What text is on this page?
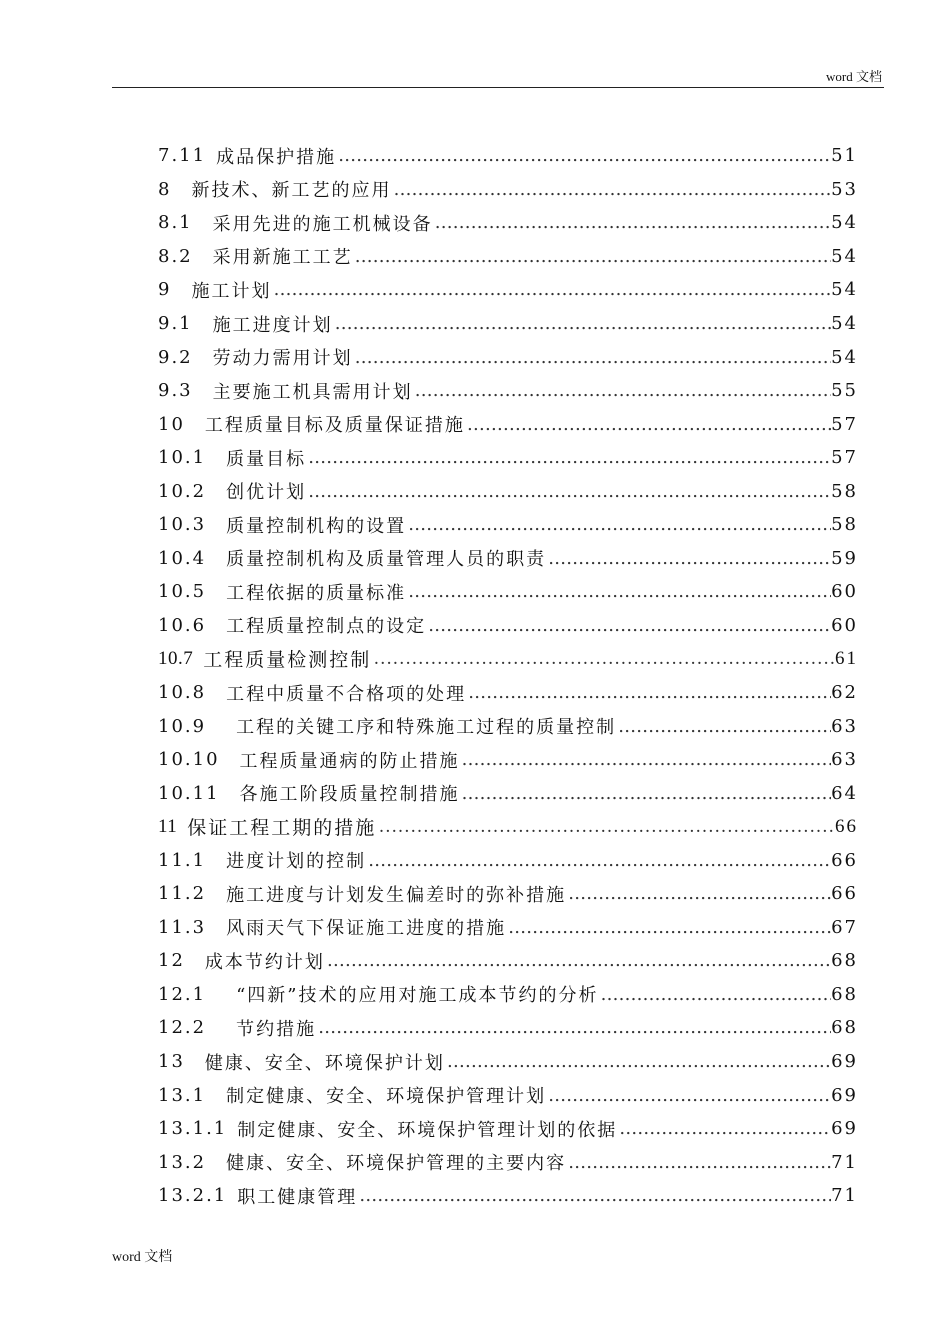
word 文档
7.11 成品保护措施 …………………………………………………………………………………………………………………………………………………………………………………………	51
8 新技术、新工艺的应用 …………………………………………………………………………………………………………………………………………………………………………………………	53
8.1 采用先进的施工机械设备 …………………………………………………………………………………………………………………………………………………………………………………………	54
8.2 采用新施工工艺 …………………………………………………………………………………………………………………………………………………………………………………………	54
9 施工计划 …………………………………………………………………………………………………………………………………………………………………………………………	54
9.1 施工进度计划 …………………………………………………………………………………………………………………………………………………………………………………………	54
9.2 劳动力需用计划 …………………………………………………………………………………………………………………………………………………………………………………………	54
9.3 主要施工机具需用计划 …………………………………………………………………………………………………………………………………………………………………………………………	55
10 工程质量目标及质量保证措施 …………………………………………………………………………………………………………………………………………………………………………………………	57
10.1 质量目标 …………………………………………………………………………………………………………………………………………………………………………………………	57
10.2 创优计划 …………………………………………………………………………………………………………………………………………………………………………………………	58
10.3 质量控制机构的设置 …………………………………………………………………………………………………………………………………………………………………………………………	58
10.4 质量控制机构及质量管理人员的职责 …………………………………………………………………………………………………………………………………………………………………………………………	59
10.5 工程依据的质量标准 …………………………………………………………………………………………………………………………………………………………………………………………	60
10.6 工程质量控制点的设定 …………………………………………………………………………………………………………………………………………………………………………………………	60
10.7 工程质量检测控制 …………………………………………………………………………………………………………………………………………………………………………………………	61
10.8 工程中质量不合格项的处理 …………………………………………………………………………………………………………………………………………………………………………………………	62
10.9 工程的关键工序和特殊施工过程的质量控制 …………………………………………………………………………………………………………………………………………………………………………………………	63
10.10 工程质量通病的防止措施 …………………………………………………………………………………………………………………………………………………………………………………………	63
10.11 各施工阶段质量控制措施 …………………………………………………………………………………………………………………………………………………………………………………………	64
11 保证工程工期的措施 …………………………………………………………………………………………………………………………………………………………………………………………	66
11.1 进度计划的控制 …………………………………………………………………………………………………………………………………………………………………………………………	66
11.2 施工进度与计划发生偏差时的弥补措施 …………………………………………………………………………………………………………………………………………………………………………………………	66
11.3 风雨天气下保证施工进度的措施 …………………………………………………………………………………………………………………………………………………………………………………………	67
12 成本节约计划 …………………………………………………………………………………………………………………………………………………………………………………………	68
12.1 “四新”技术的应用对施工成本节约的分析 …………………………………………………………………………………………………………………………………………………………………………………………	68
12.2 节约措施 …………………………………………………………………………………………………………………………………………………………………………………………	68
13 健康、安全、环境保护计划 …………………………………………………………………………………………………………………………………………………………………………………………	69
13.1 制定健康、安全、环境保护管理计划 …………………………………………………………………………………………………………………………………………………………………………………………	69
13.1.1 制定健康、安全、环境保护管理计划的依据 …………………………………………………………………………………………………………………………………………………………………………………………	69
13.2 健康、安全、环境保护管理的主要内容 …………………………………………………………………………………………………………………………………………………………………………………………	71
13.2.1 职工健康管理 …………………………………………………………………………………………………………………………………………………………………………………………	71
word 文档
